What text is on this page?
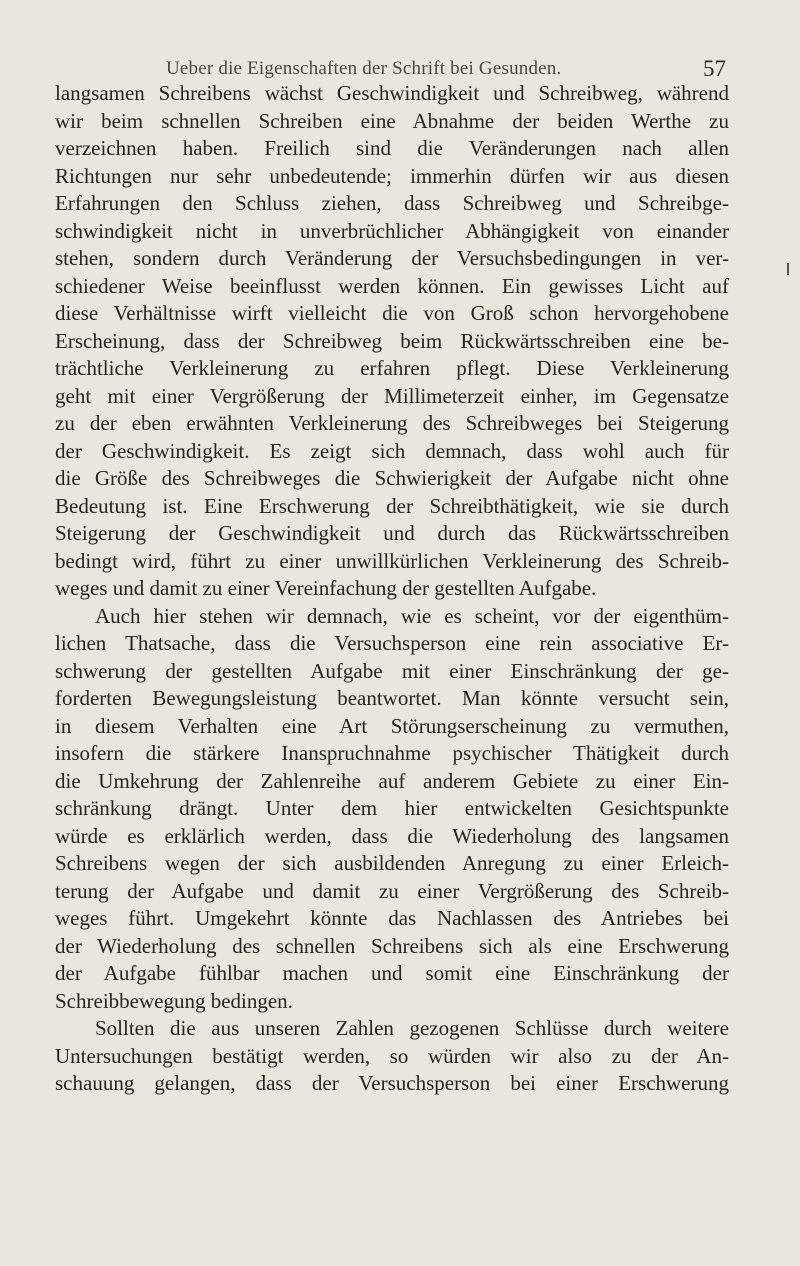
Ueber die Eigenschaften der Schrift bei Gesunden.	57
langsamen Schreibens wächst Geschwindigkeit und Schreibweg, während
wir beim schnellen Schreiben eine Abnahme der beiden Werthe zu
verzeichnen haben. Freilich sind die Veränderungen nach allen
Richtungen nur sehr unbedeutende; immerhin dürfen wir aus diesen
Erfahrungen den Schluss ziehen, dass Schreibweg und Schreibge-
schwindigkeit nicht in unverbrüchlicher Abhängigkeit von einander
stehen, sondern durch Veränderung der Versuchsbedingungen in ver-
schiedener Weise beeinflusst werden können. Ein gewisses Licht auf
diese Verhältnisse wirft vielleicht die von Groß schon hervorgehobene
Erscheinung, dass der Schreibweg beim Rückwärtsschreiben eine be-
trächtliche Verkleinerung zu erfahren pflegt. Diese Verkleinerung
geht mit einer Vergrößerung der Millimeterzeit einher, im Gegensatze
zu der eben erwähnten Verkleinerung des Schreibweges bei Steigerung
der Geschwindigkeit. Es zeigt sich demnach, dass wohl auch für
die Größe des Schreibweges die Schwierigkeit der Aufgabe nicht ohne
Bedeutung ist. Eine Erschwerung der Schreibthätigkeit, wie sie durch
Steigerung der Geschwindigkeit und durch das Rückwärtsschreiben
bedingt wird, führt zu einer unwillkürlichen Verkleinerung des Schreib-
weges und damit zu einer Vereinfachung der gestellten Aufgabe.
Auch hier stehen wir demnach, wie es scheint, vor der eigenthüm-
lichen Thatsache, dass die Versuchsperson eine rein associative Er-
schwerung der gestellten Aufgabe mit einer Einschränkung der ge-
forderten Bewegungsleistung beantwortet. Man könnte versucht sein,
in diesem Verhalten eine Art Störungserscheinung zu vermuthen,
insofern die stärkere Inanspruchnahme psychischer Thätigkeit durch
die Umkehrung der Zahlenreihe auf anderem Gebiete zu einer Ein-
schränkung drängt. Unter dem hier entwickelten Gesichtspunkte
würde es erklärlich werden, dass die Wiederholung des langsamen
Schreibens wegen der sich ausbildenden Anregung zu einer Erleich-
terung der Aufgabe und damit zu einer Vergrößerung des Schreib-
weges führt. Umgekehrt könnte das Nachlassen des Antriebes bei
der Wiederholung des schnellen Schreibens sich als eine Erschwerung
der Aufgabe fühlbar machen und somit eine Einschränkung der
Schreibbewegung bedingen.
Sollten die aus unseren Zahlen gezogenen Schlüsse durch weitere
Untersuchungen bestätigt werden, so würden wir also zu der An-
schauung gelangen, dass der Versuchsperson bei einer Erschwerung
